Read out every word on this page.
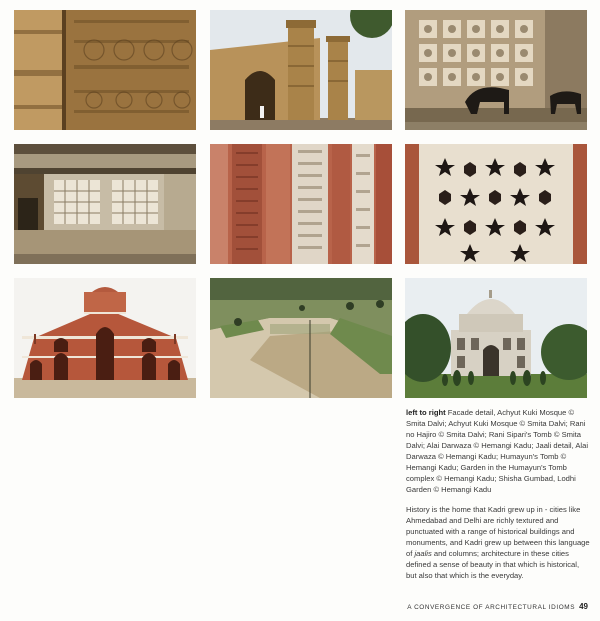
left to right Facade detail, Achyut Kuki Mosque © Smita Dalvi; Achyut Kuki Mosque © Smita Dalvi; Rani no Hajiro © Smita Dalvi; Rani Sipari's Tomb © Smita Dalvi; Alai Darwaza © Hemangi Kadu; Jaali detail, Alai Darwaza © Hemangi Kadu; Humayun's Tomb © Hemangi Kadu; Garden in the Humayun's Tomb complex © Hemangi Kadu; Shisha Gumbad, Lodhi Garden © Hemangi Kadu
History is the home that Kadri grew up in - cities like Ahmedabad and Delhi are richly textured and punctuated with a range of historical buildings and monuments, and Kadri grew up between this language of jaalis and columns; architecture in these cities defined a sense of beauty in that which is historical, but also that which is the everyday.
A CONVERGENCE OF ARCHITECTURAL IDIOMS 49
